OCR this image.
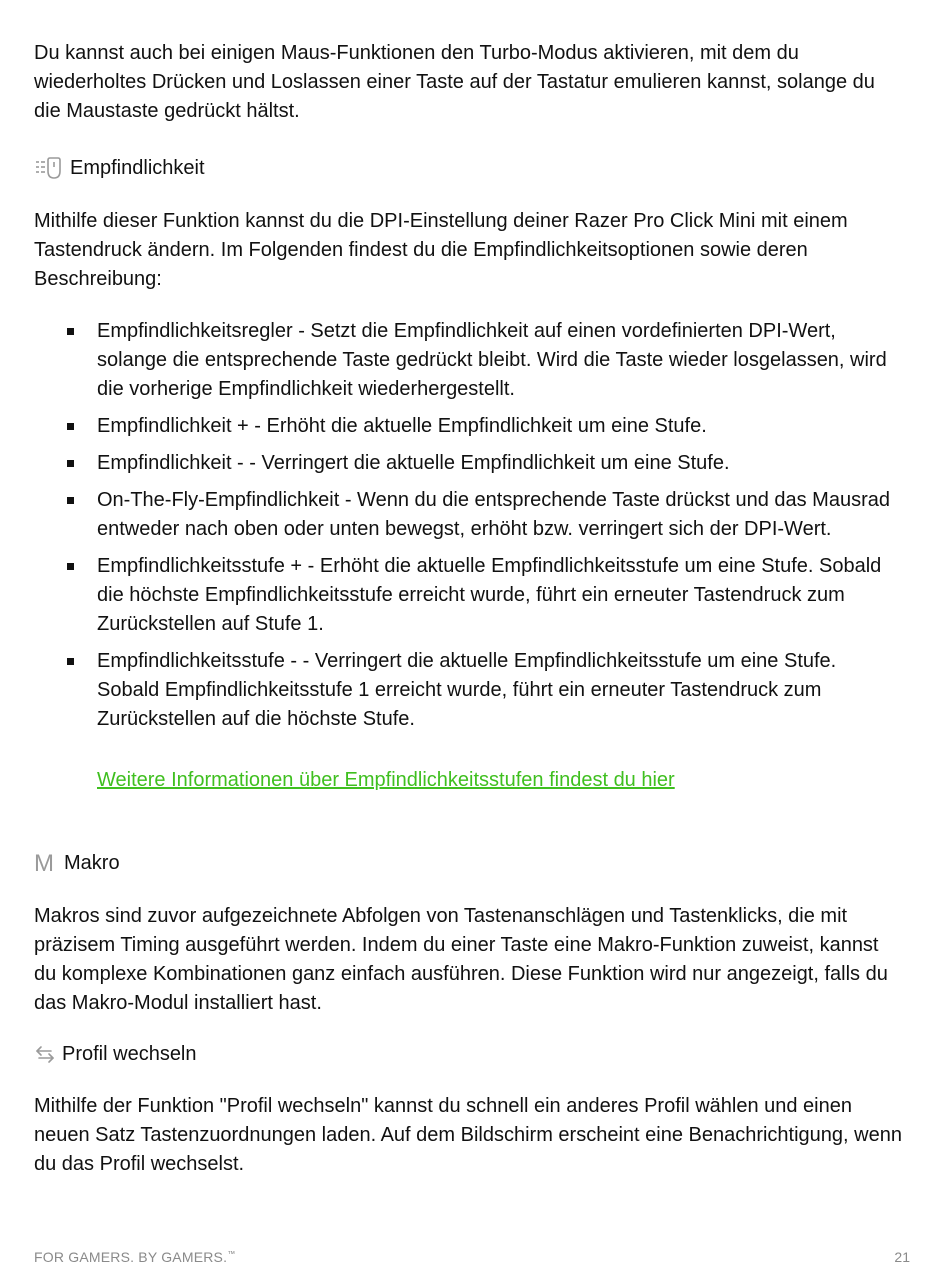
Du kannst auch bei einigen Maus-Funktionen den Turbo-Modus aktivieren, mit dem du wiederholtes Drücken und Loslassen einer Taste auf der Tastatur emulieren kannst, solange du die Maustaste gedrückt hältst.

Empfindlichkeit

Mithilfe dieser Funktion kannst du die DPI-Einstellung deiner Razer Pro Click Mini mit einem Tastendruck ändern. Im Folgenden findest du die Empfindlichkeitsoptionen sowie deren Beschreibung:

Empfindlichkeitsregler - Setzt die Empfindlichkeit auf einen vordefinierten DPI-Wert, solange die entsprechende Taste gedrückt bleibt. Wird die Taste wieder losgelassen, wird die vorherige Empfindlichkeit wiederhergestellt.
Empfindlichkeit + - Erhöht die aktuelle Empfindlichkeit um eine Stufe.
Empfindlichkeit - - Verringert die aktuelle Empfindlichkeit um eine Stufe.
On-The-Fly-Empfindlichkeit - Wenn du die entsprechende Taste drückst und das Mausrad entweder nach oben oder unten bewegst, erhöht bzw. verringert sich der DPI-Wert.
Empfindlichkeitsstufe + - Erhöht die aktuelle Empfindlichkeitsstufe um eine Stufe. Sobald die höchste Empfindlichkeitsstufe erreicht wurde, führt ein erneuter Tastendruck zum Zurückstellen auf Stufe 1.
Empfindlichkeitsstufe - - Verringert die aktuelle Empfindlichkeitsstufe um eine Stufe. Sobald Empfindlichkeitsstufe 1 erreicht wurde, führt ein erneuter Tastendruck zum Zurückstellen auf die höchste Stufe.
Weitere Informationen über Empfindlichkeitsstufen findest du hier
M Makro

Makros sind zuvor aufgezeichnete Abfolgen von Tastenanschlägen und Tastenklicks, die mit präzisem Timing ausgeführt werden. Indem du einer Taste eine Makro-Funktion zuweist, kannst du komplexe Kombinationen ganz einfach ausführen. Diese Funktion wird nur angezeigt, falls du das Makro-Modul installiert hast.

Profil wechseln

Mithilfe der Funktion "Profil wechseln" kannst du schnell ein anderes Profil wählen und einen neuen Satz Tastenzuordnungen laden. Auf dem Bildschirm erscheint eine Benachrichtigung, wenn du das Profil wechselst.

FOR GAMERS. BY GAMERS.™	21
